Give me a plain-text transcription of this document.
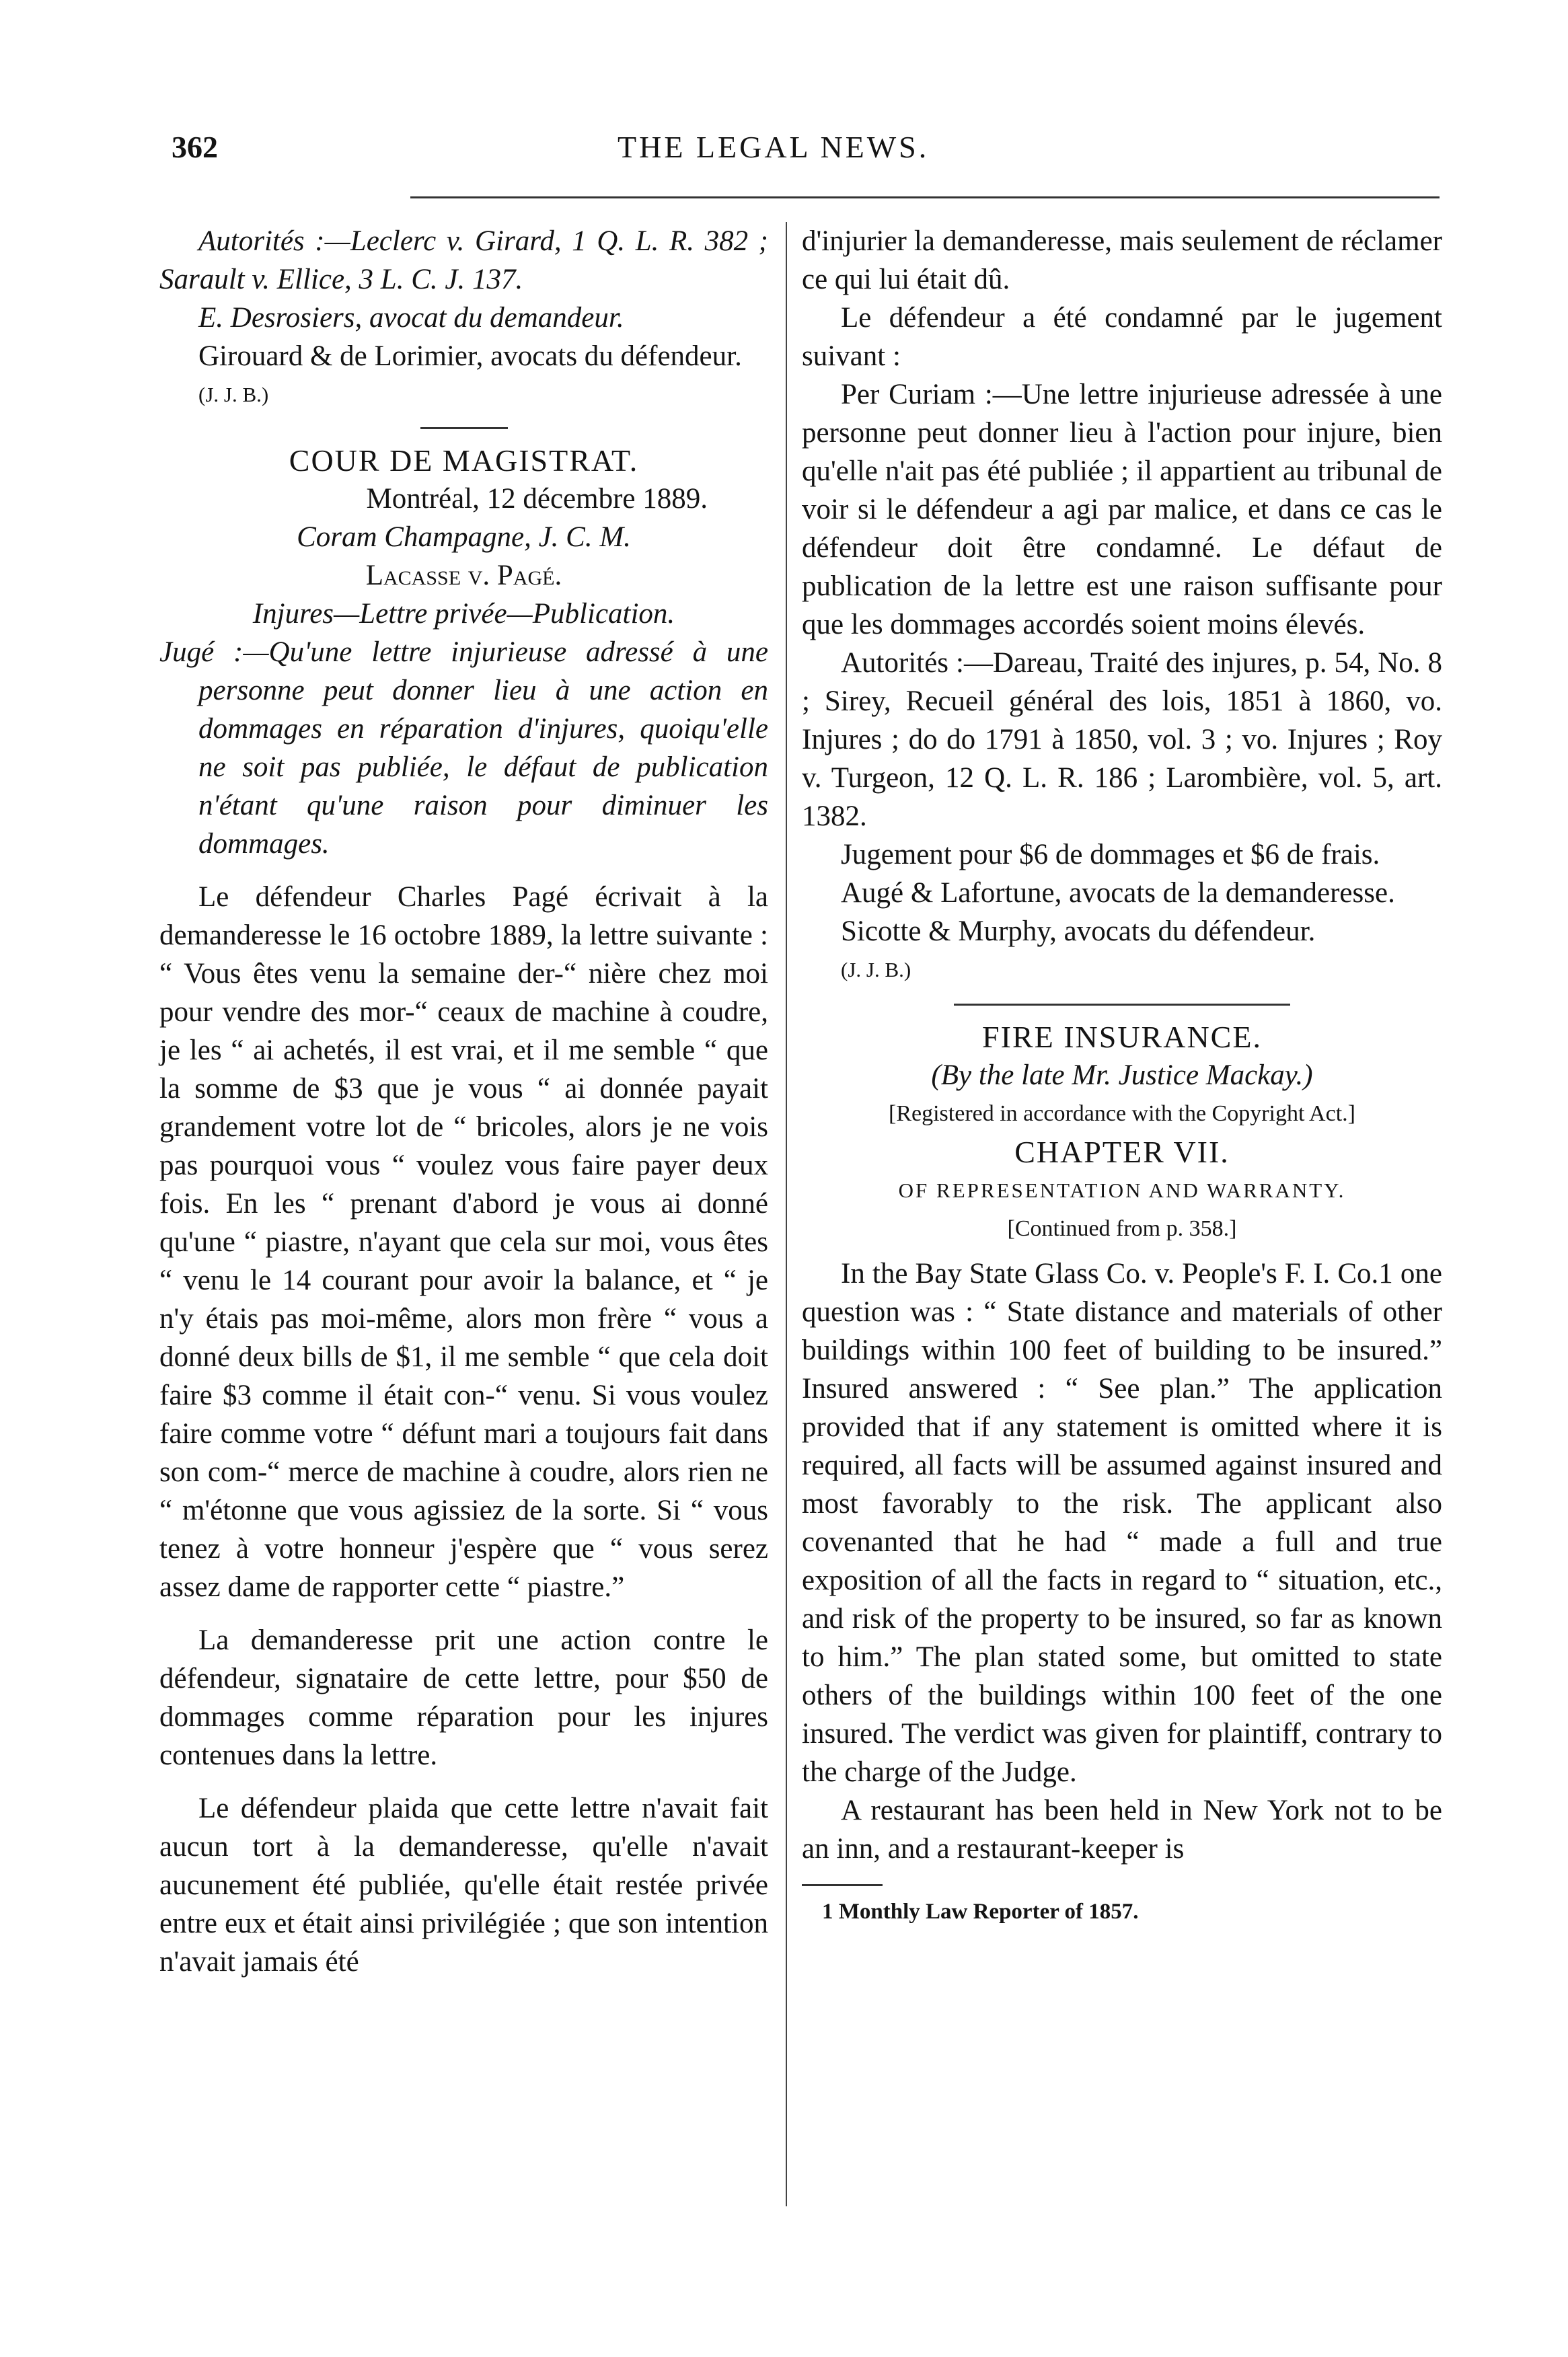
362	THE LEGAL NEWS.

Autorités :—Leclerc v. Girard, 1 Q. L. R. 382 ; Sarault v. Ellice, 3 L. C. J. 137.

E. Desrosiers, avocat du demandeur.

Girouard & de Lorimier, avocats du défendeur.

(J. J. B.)

COUR DE MAGISTRAT.

Montréal, 12 décembre 1889.

Coram Champagne, J. C. M.

Lacasse v. Pagé.

Injures—Lettre privée—Publication.

Jugé :—Qu'une lettre injurieuse adressé à une personne peut donner lieu à une action en dommages en réparation d'injures, quoiqu'elle ne soit pas publiée, le défaut de publication n'étant qu'une raison pour diminuer les dommages.

Le défendeur Charles Pagé écrivait à la demanderesse le 16 octobre 1889, la lettre suivante : “ Vous êtes venu la semaine der-“ nière chez moi pour vendre des mor-“ ceaux de machine à coudre, je les “ ai achetés, il est vrai, et il me semble “ que la somme de $3 que je vous “ ai donnée payait grandement votre lot de “ bricoles, alors je ne vois pas pourquoi vous “ voulez vous faire payer deux fois. En les “ prenant d'abord je vous ai donné qu'une “ piastre, n'ayant que cela sur moi, vous êtes “ venu le 14 courant pour avoir la balance, et “ je n'y étais pas moi-même, alors mon frère “ vous a donné deux bills de $1, il me semble “ que cela doit faire $3 comme il était con-“ venu. Si vous voulez faire comme votre “ défunt mari a toujours fait dans son com-“ merce de machine à coudre, alors rien ne “ m'étonne que vous agissiez de la sorte. Si “ vous tenez à votre honneur j'espère que “ vous serez assez dame de rapporter cette “ piastre.”

La demanderesse prit une action contre le défendeur, signataire de cette lettre, pour $50 de dommages comme réparation pour les injures contenues dans la lettre.

Le défendeur plaida que cette lettre n'avait fait aucun tort à la demanderesse, qu'elle n'avait aucunement été publiée, qu'elle était restée privée entre eux et était ainsi privilégiée ; que son intention n'avait jamais été

d'injurier la demanderesse, mais seulement de réclamer ce qui lui était dû.

Le défendeur a été condamné par le jugement suivant :

Per Curiam :—Une lettre injurieuse adressée à une personne peut donner lieu à l'action pour injure, bien qu'elle n'ait pas été publiée ; il appartient au tribunal de voir si le défendeur a agi par malice, et dans ce cas le défendeur doit être condamné. Le défaut de publication de la lettre est une raison suffisante pour que les dommages accordés soient moins élevés.

Autorités :—Dareau, Traité des injures, p. 54, No. 8 ; Sirey, Recueil général des lois, 1851 à 1860, vo. Injures ; do do 1791 à 1850, vol. 3 ; vo. Injures ; Roy v. Turgeon, 12 Q. L. R. 186 ; Larombière, vol. 5, art. 1382.

Jugement pour $6 de dommages et $6 de frais.

Augé & Lafortune, avocats de la demanderesse.

Sicotte & Murphy, avocats du défendeur.

(J. J. B.)

FIRE INSURANCE.

(By the late Mr. Justice Mackay.)

[Registered in accordance with the Copyright Act.]

CHAPTER VII.

OF REPRESENTATION AND WARRANTY.

[Continued from p. 358.]

In the Bay State Glass Co. v. People's F. I. Co.1 one question was : “ State distance and materials of other buildings within 100 feet of building to be insured.” Insured answered : “ See plan.” The application provided that if any statement is omitted where it is required, all facts will be assumed against insured and most favorably to the risk. The applicant also covenanted that he had “ made a full and true exposition of all the facts in regard to “ situation, etc., and risk of the property to be insured, so far as known to him.” The plan stated some, but omitted to state others of the buildings within 100 feet of the one insured. The verdict was given for plaintiff, contrary to the charge of the Judge.

A restaurant has been held in New York not to be an inn, and a restaurant-keeper is

1 Monthly Law Reporter of 1857.
